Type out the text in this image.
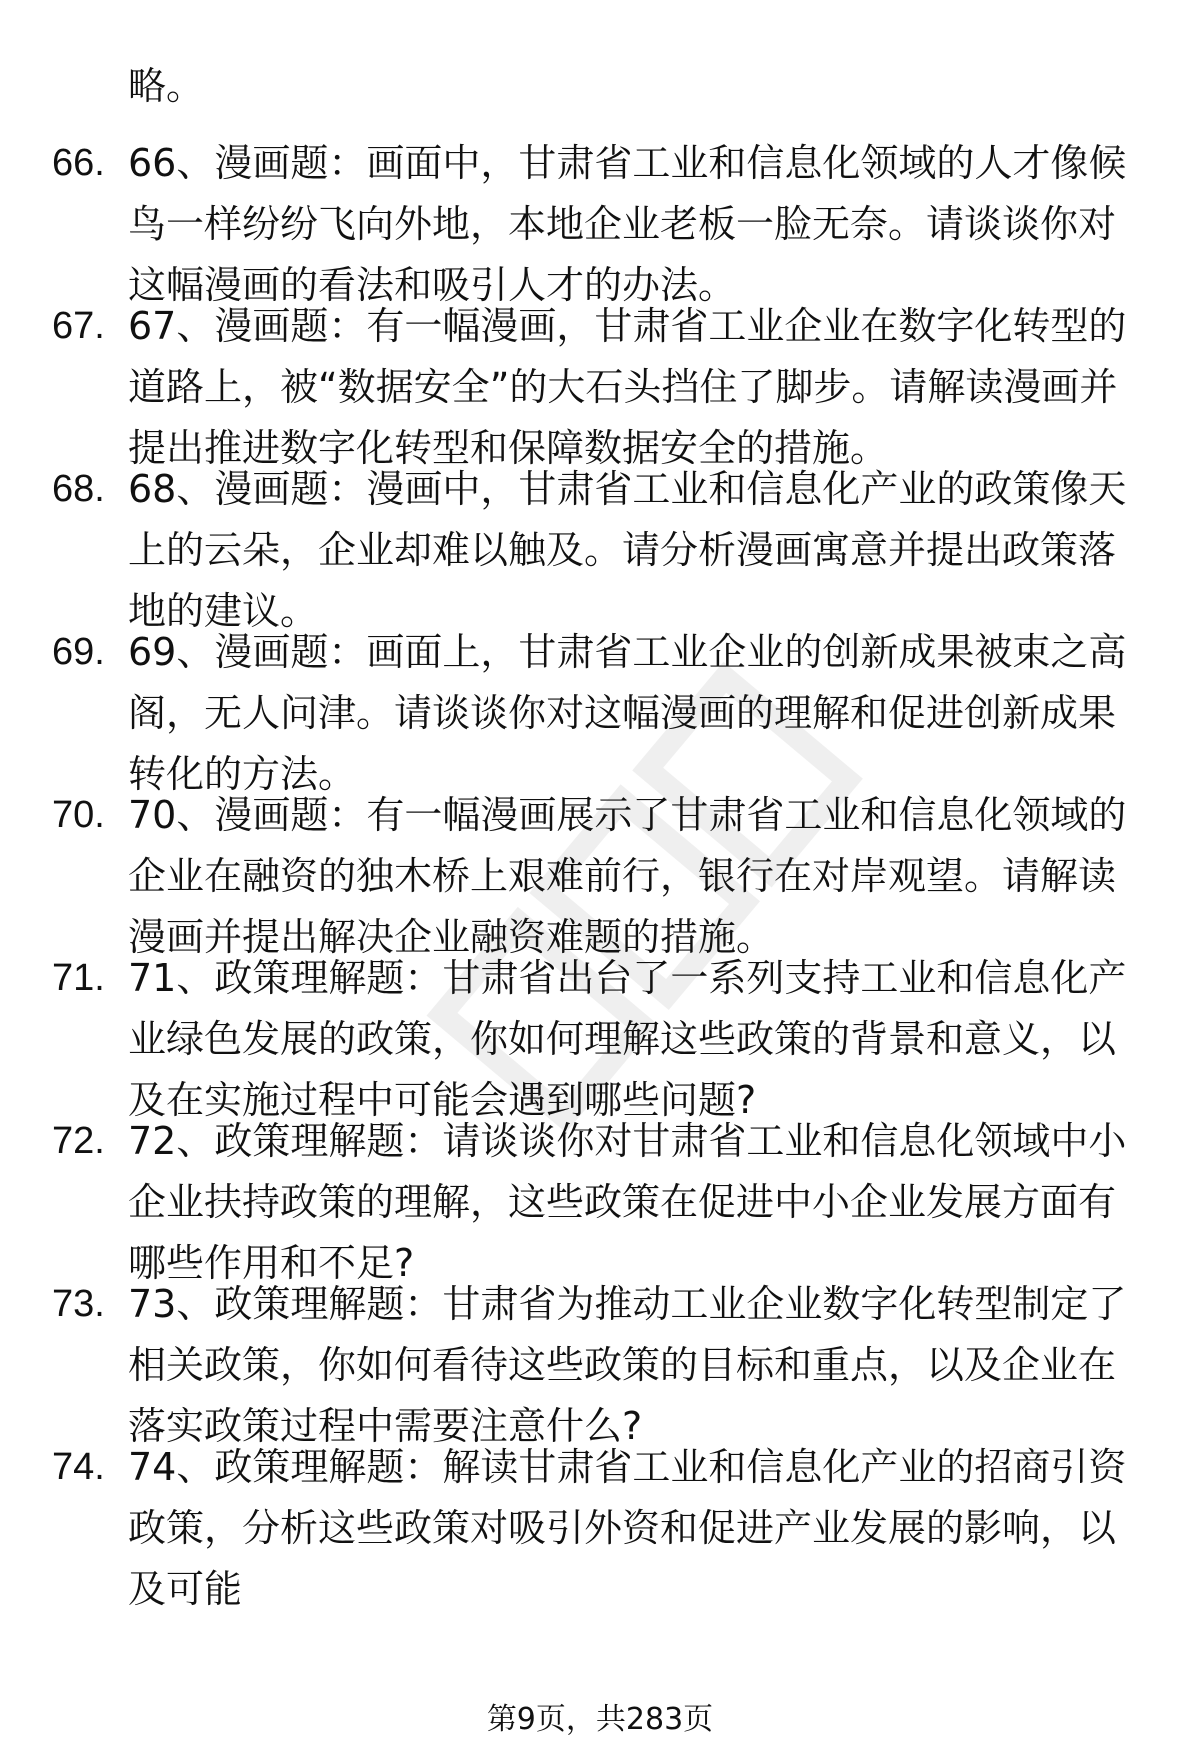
略。

66. 66、漫画题：画面中，甘肃省工业和信息化领域的人才像候鸟一样纷纷飞向外地，本地企业老板一脸无奈。请谈谈你对这幅漫画的看法和吸引人才的办法。
67. 67、漫画题：有一幅漫画，甘肃省工业企业在数字化转型的道路上，被“数据安全”的大石头挡住了脚步。请解读漫画并提出推进数字化转型和保障数据安全的措施。
68. 68、漫画题：漫画中，甘肃省工业和信息化产业的政策像天上的云朵，企业却难以触及。请分析漫画寓意并提出政策落地的建议。
69. 69、漫画题：画面上，甘肃省工业企业的创新成果被束之高阁，无人问津。请谈谈你对这幅漫画的理解和促进创新成果转化的方法。
70. 70、漫画题：有一幅漫画展示了甘肃省工业和信息化领域的企业在融资的独木桥上艰难前行，银行在对岸观望。请解读漫画并提出解决企业融资难题的措施。
71. 71、政策理解题：甘肃省出台了一系列支持工业和信息化产业绿色发展的政策，你如何理解这些政策的背景和意义，以及在实施过程中可能会遇到哪些问题?
72. 72、政策理解题：请谈谈你对甘肃省工业和信息化领域中小企业扶持政策的理解，这些政策在促进中小企业发展方面有哪些作用和不足?
73. 73、政策理解题：甘肃省为推动工业企业数字化转型制定了相关政策，你如何看待这些政策的目标和重点，以及企业在落实政策过程中需要注意什么?
74. 74、政策理解题：解读甘肃省工业和信息化产业的招商引资政策，分析这些政策对吸引外资和促进产业发展的影响，以及可能
第9页，共283页
